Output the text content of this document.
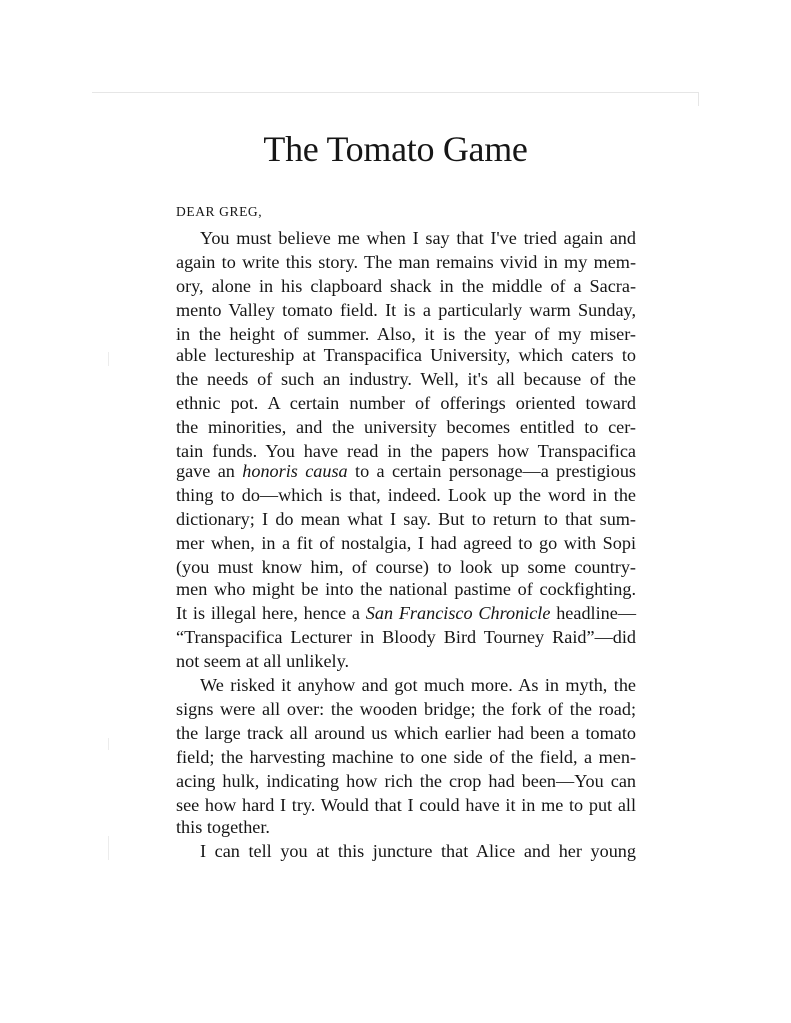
The Tomato Game

DEAR GREG,

You must believe me when I say that I've tried again and

again to write this story. The man remains vivid in my mem-

ory, alone in his clapboard shack in the middle of a Sacra-

mento Valley tomato field. It is a particularly warm Sunday,

in the height of summer. Also, it is the year of my miser-

able lectureship at Transpacifica University, which caters to

the needs of such an industry. Well, it's all because of the

ethnic pot. A certain number of offerings oriented toward

the minorities, and the university becomes entitled to cer-

tain funds. You have read in the papers how Transpacifica

gave an honoris causa to a certain personage—a prestigious

thing to do—which is that, indeed. Look up the word in the

dictionary; I do mean what I say. But to return to that sum-

mer when, in a fit of nostalgia, I had agreed to go with Sopi

(you must know him, of course) to look up some country-

men who might be into the national pastime of cockfighting.

It is illegal here, hence a San Francisco Chronicle headline—

“Transpacifica Lecturer in Bloody Bird Tourney Raid”—did

not seem at all unlikely.

We risked it anyhow and got much more. As in myth, the

signs were all over: the wooden bridge; the fork of the road;

the large track all around us which earlier had been a tomato

field; the harvesting machine to one side of the field, a men-

acing hulk, indicating how rich the crop had been—You can

see how hard I try. Would that I could have it in me to put all

this together.

I can tell you at this juncture that Alice and her young
